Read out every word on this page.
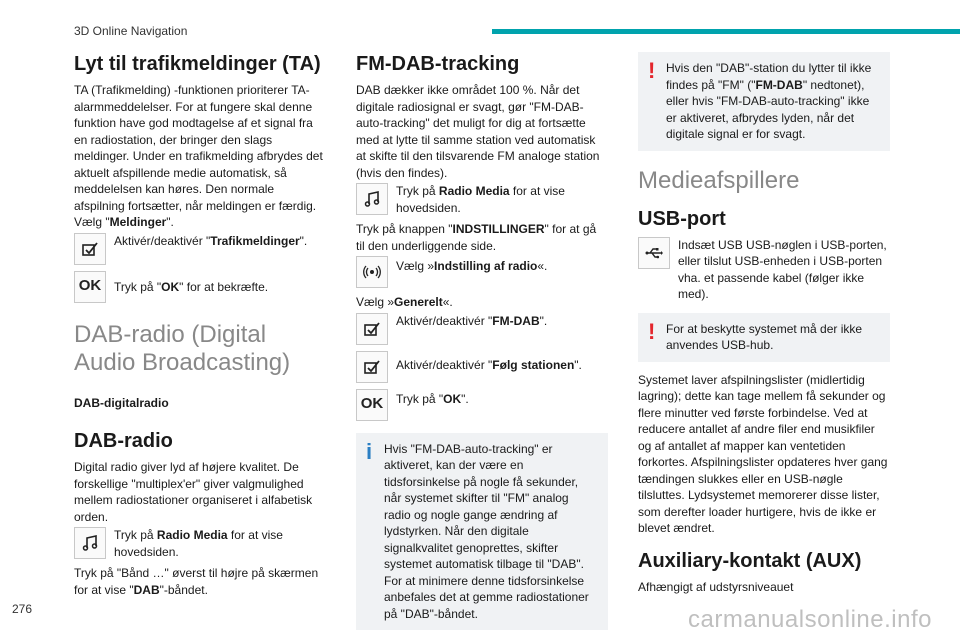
3D Online Navigation
Lyt til trafikmeldinger (TA)

TA (Trafikmelding) -funktionen prioriterer TA-alarmmeddelelser. For at fungere skal denne funktion have god modtagelse af et signal fra en radiostation, der bringer den slags meldinger. Under en trafikmelding afbrydes det aktuelt afspillende medie automatisk, så meddelelsen kan høres. Den normale afspilning fortsætter, når meldingen er færdig.

Vælg "Meldinger".

Aktivér/deaktivér "Trafikmeldinger".
OK	Tryk på "OK" for at bekræfte.
DAB-radio (Digital Audio Broadcasting)

DAB-digitalradio

DAB-radio

Digital radio giver lyd af højere kvalitet. De forskellige "multiplex'er" giver valgmulighed mellem radiostationer organiseret i alfabetisk orden.

Tryk på Radio Media for at vise hovedsiden.

Tryk på "Bånd …" øverst til højre på skærmen for at vise "DAB"-båndet.

FM-DAB-tracking

DAB dækker ikke området 100 %. Når det digitale radiosignal er svagt, gør "FM-DAB-auto-tracking" det muligt for dig at fortsætte med at lytte til samme station ved automatisk at skifte til den tilsvarende FM analoge station (hvis den findes).

Tryk på Radio Media for at vise hovedsiden.

Tryk på knappen "INDSTILLINGER" for at gå til den underliggende side.

Vælg »Indstilling af radio«.

Vælg »Generelt«.

Aktivér/deaktivér "FM-DAB".
Aktivér/deaktivér "Følg stationen".
OK	Tryk på "OK".
i Hvis "FM-DAB-auto-tracking" er aktiveret, kan der være en tidsforsinkelse på nogle få sekunder, når systemet skifter til "FM" analog radio og nogle gange ændring af lydstyrken. Når den digitale signalkvalitet genoprettes, skifter systemet automatisk tilbage til "DAB". For at minimere denne tidsforsinkelse anbefales det at gemme radiostationer på "DAB"-båndet.
! Hvis den "DAB"-station du lytter til ikke findes på "FM" ("FM-DAB" nedtonet), eller hvis "FM-DAB-auto-tracking" ikke er aktiveret, afbrydes lyden, når det digitale signal er for svagt.
Medieafspillere
USB-port
Indsæt USB USB-nøglen i USB-porten, eller tilslut USB-enheden i USB-porten vha. et passende kabel (følger ikke med).
! For at beskytte systemet må der ikke anvendes USB-hub.

Systemet laver afspilningslister (midlertidig lagring); dette kan tage mellem få sekunder og flere minutter ved første forbindelse. Ved at reducere antallet af andre filer end musikfiler og af antallet af mapper kan ventetiden forkortes. Afspilningslister opdateres hver gang tændingen slukkes eller en USB-nøgle tilsluttes. Lydsystemet memorerer disse lister, som derefter loader hurtigere, hvis de ikke er blevet ændret.

Auxiliary-kontakt (AUX)

Afhængigt af udstyrsniveauet

276	carmanualsonline.info
